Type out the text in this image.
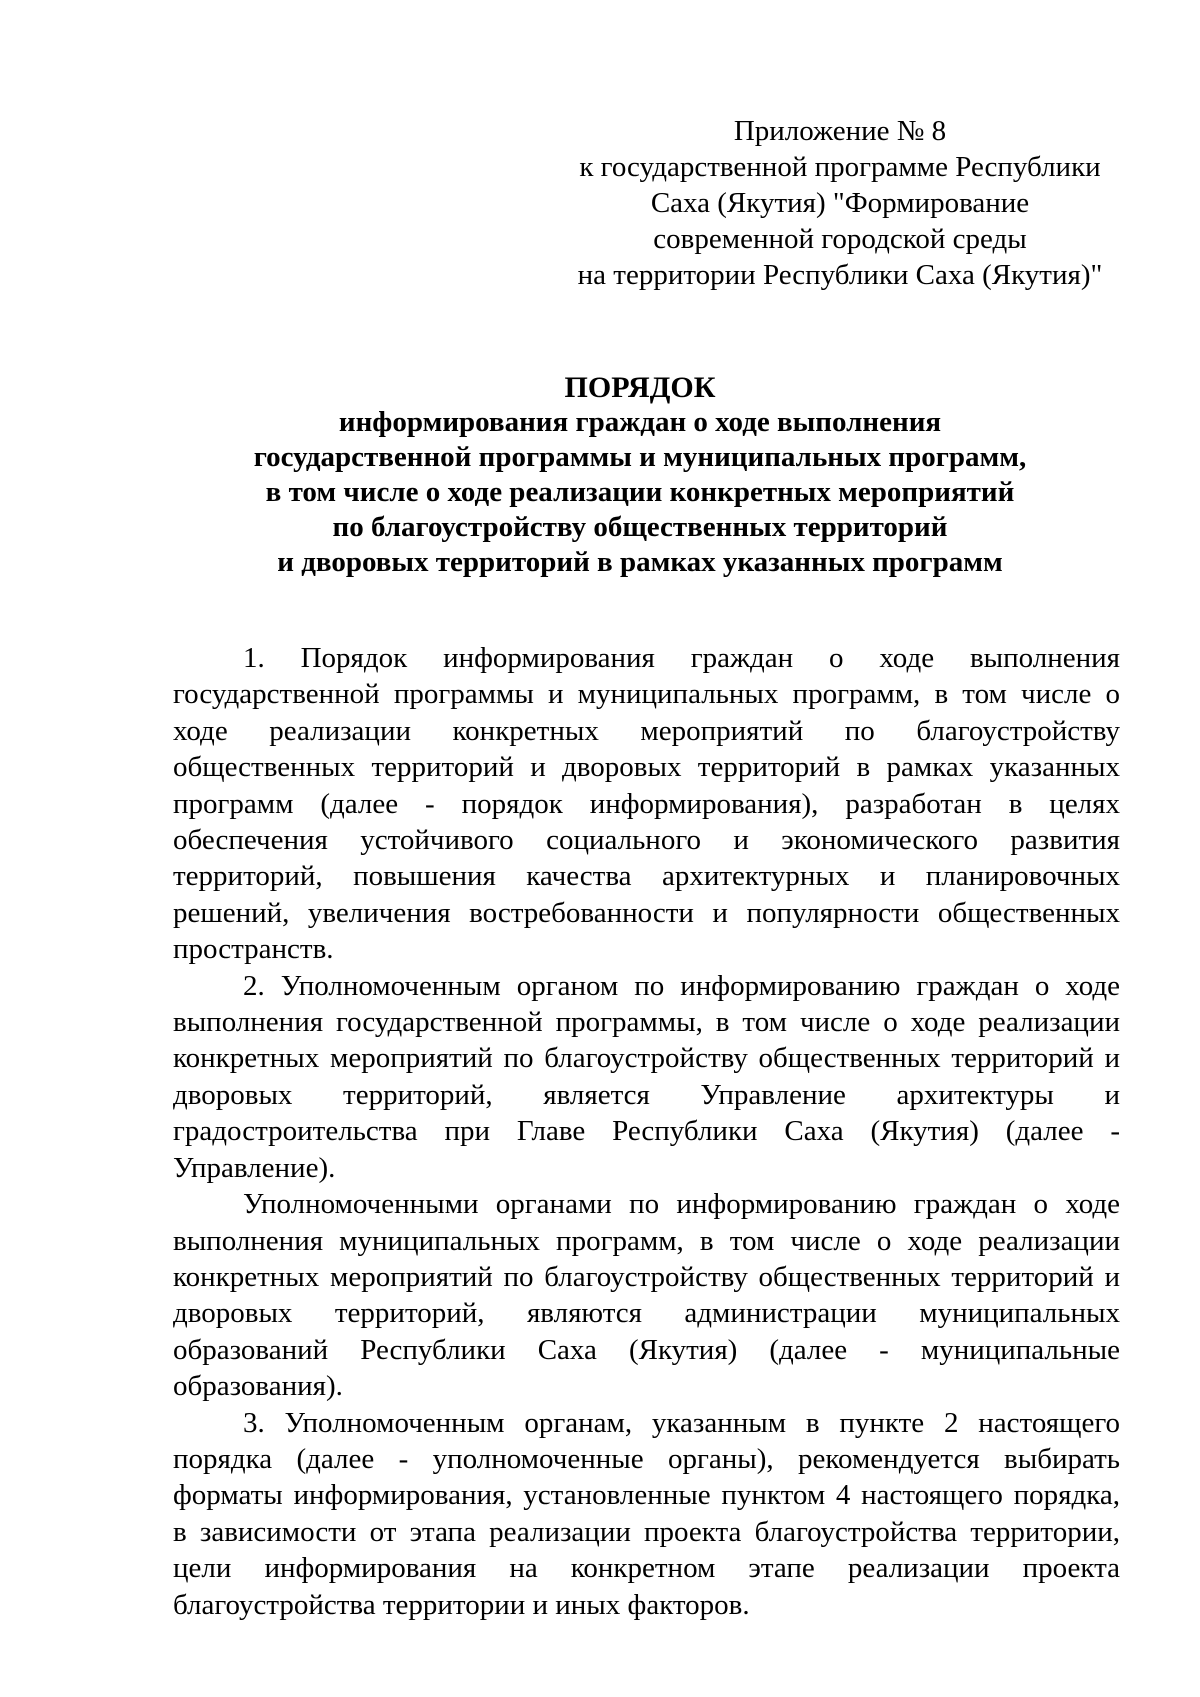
Приложение № 8
к государственной программе Республики
Саха (Якутия) "Формирование
современной городской среды
на территории Республики Саха (Якутия)"
ПОРЯДОК
информирования граждан о ходе выполнения
государственной программы и муниципальных программ,
в том числе о ходе реализации конкретных мероприятий
по благоустройству общественных территорий
и дворовых территорий в рамках указанных программ

1. Порядок информирования граждан о ходе выполнения государственной программы и муниципальных программ, в том числе о ходе реализации конкретных мероприятий по благоустройству общественных территорий и дворовых территорий в рамках указанных программ (далее - порядок информирования), разработан в целях обеспечения устойчивого социального и экономического развития территорий, повышения качества архитектурных и планировочных решений, увеличения востребованности и популярности общественных пространств.

2. Уполномоченным органом по информированию граждан о ходе выполнения государственной программы, в том числе о ходе реализации конкретных мероприятий по благоустройству общественных территорий и дворовых территорий, является Управление архитектуры и градостроительства при Главе Республики Саха (Якутия) (далее - Управление).

Уполномоченными органами по информированию граждан о ходе выполнения муниципальных программ, в том числе о ходе реализации конкретных мероприятий по благоустройству общественных территорий и дворовых территорий, являются администрации муниципальных образований Республики Саха (Якутия) (далее - муниципальные образования).

3. Уполномоченным органам, указанным в пункте 2 настоящего порядка (далее - уполномоченные органы), рекомендуется выбирать форматы информирования, установленные пунктом 4 настоящего порядка, в зависимости от этапа реализации проекта благоустройства территории, цели информирования на конкретном этапе реализации проекта благоустройства территории и иных факторов.
